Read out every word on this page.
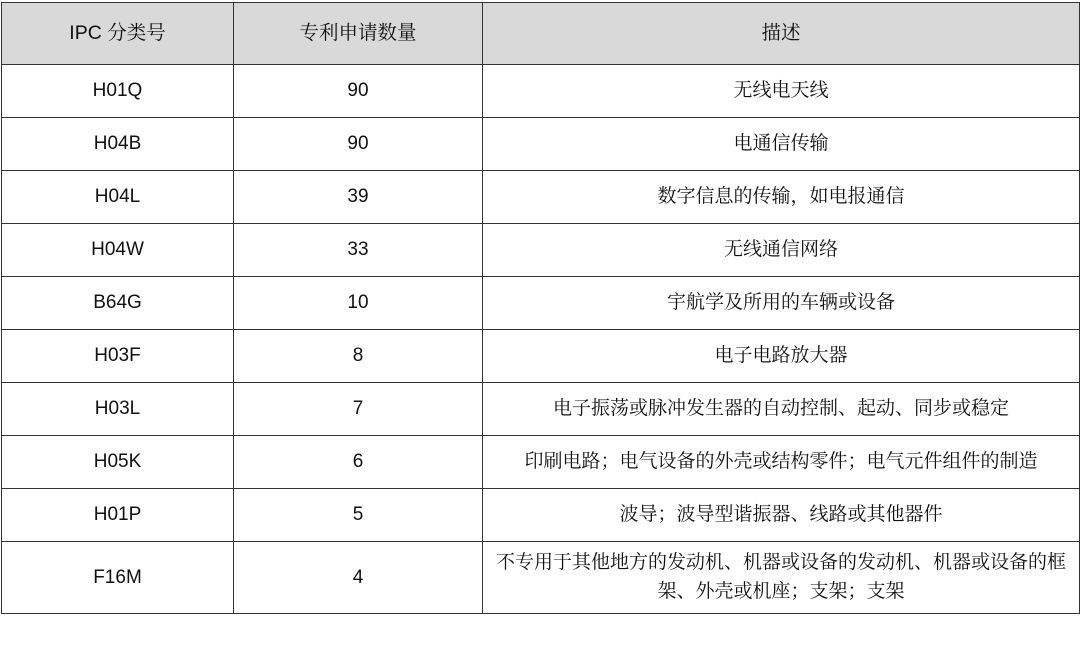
IPC 分类号	专利申请数量	描述
H01Q	90	无线电天线
H04B	90	电通信传输
H04L	39	数字信息的传输，如电报通信
H04W	33	无线通信网络
B64G	10	宇航学及所用的车辆或设备
H03F	8	电子电路放大器
H03L	7	电子振荡或脉冲发生器的自动控制、起动、同步或稳定
H05K	6	印刷电路；电气设备的外壳或结构零件；电气元件组件的制造
H01P	5	波导；波导型谐振器、线路或其他器件
F16M	4	不专用于其他地方的发动机、机器或设备的发动机、机器或设备的框架、外壳或机座；支架；支架
